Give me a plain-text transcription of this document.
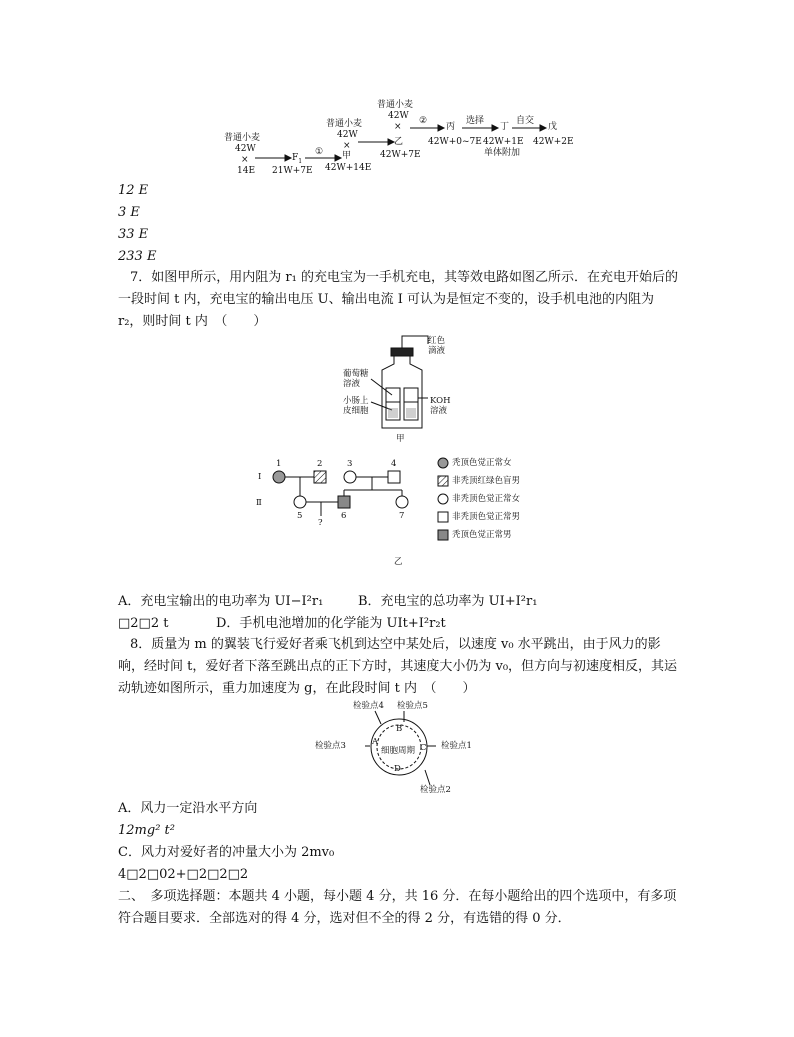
普通小麦
42W
×
14E
$F_1$
21W+7E
①
普通小麦
42W
×
甲
42W+14E
普通小麦
42W
×
乙
42W+7E
②
丙
42W+0~7E
选择
丁
42W+1E
单体附加
自交
戊
42W+2E
12 E
3 E
33 E
233 E
7．如图甲所示，用内阻为 r₁ 的充电宝为一手机充电，其等效电路如图乙所示．在充电开始后的一段时间 t 内，充电宝的输出电压 U、输出电流 I 可认为是恒定不变的，设手机电池的内阻为 r₂，则时间 t 内　（　　）
红色
滴液
葡萄糖
溶液
小肠上
皮细胞
KOH
溶液
甲
Ⅰ
Ⅱ
1	2	3	4
5	6	7
?
秃顶色觉正常女
非秃顶红绿色盲男
非秃顶色觉正常女
非秃顶色觉正常男
秃顶色觉正常男
乙
A．充电宝输出的电功率为 UI−I²r₁	B．充电宝的总功率为 UI+I²r₁
□2□2 t	D．手机电池增加的化学能为 UIt+I²r₂t
8．质量为 m 的翼装飞行爱好者乘飞机到达空中某处后，以速度 v₀ 水平跳出，由于风力的影响，经时间 t，爱好者下落至跳出点的正下方时，其速度大小仍为 v₀，但方向与初速度相反，其运动轨迹如图所示，重力加速度为 g，在此段时间 t 内　（　　）
检验点4 检验点5
检验点3	检验点1
检验点2
A
B
C
D
细胞周期
A．风力一定沿水平方向
12mg² t²
C．风力对爱好者的冲量大小为 2mv₀
4□2□02+□2□2□2
二、　多项选择题：本题共 4 小题，每小题 4 分，共 16 分．在每小题给出的四个选项中，有多项符合题目要求．全部选对的得 4 分，选对但不全的得 2 分，有选错的得 0 分．
